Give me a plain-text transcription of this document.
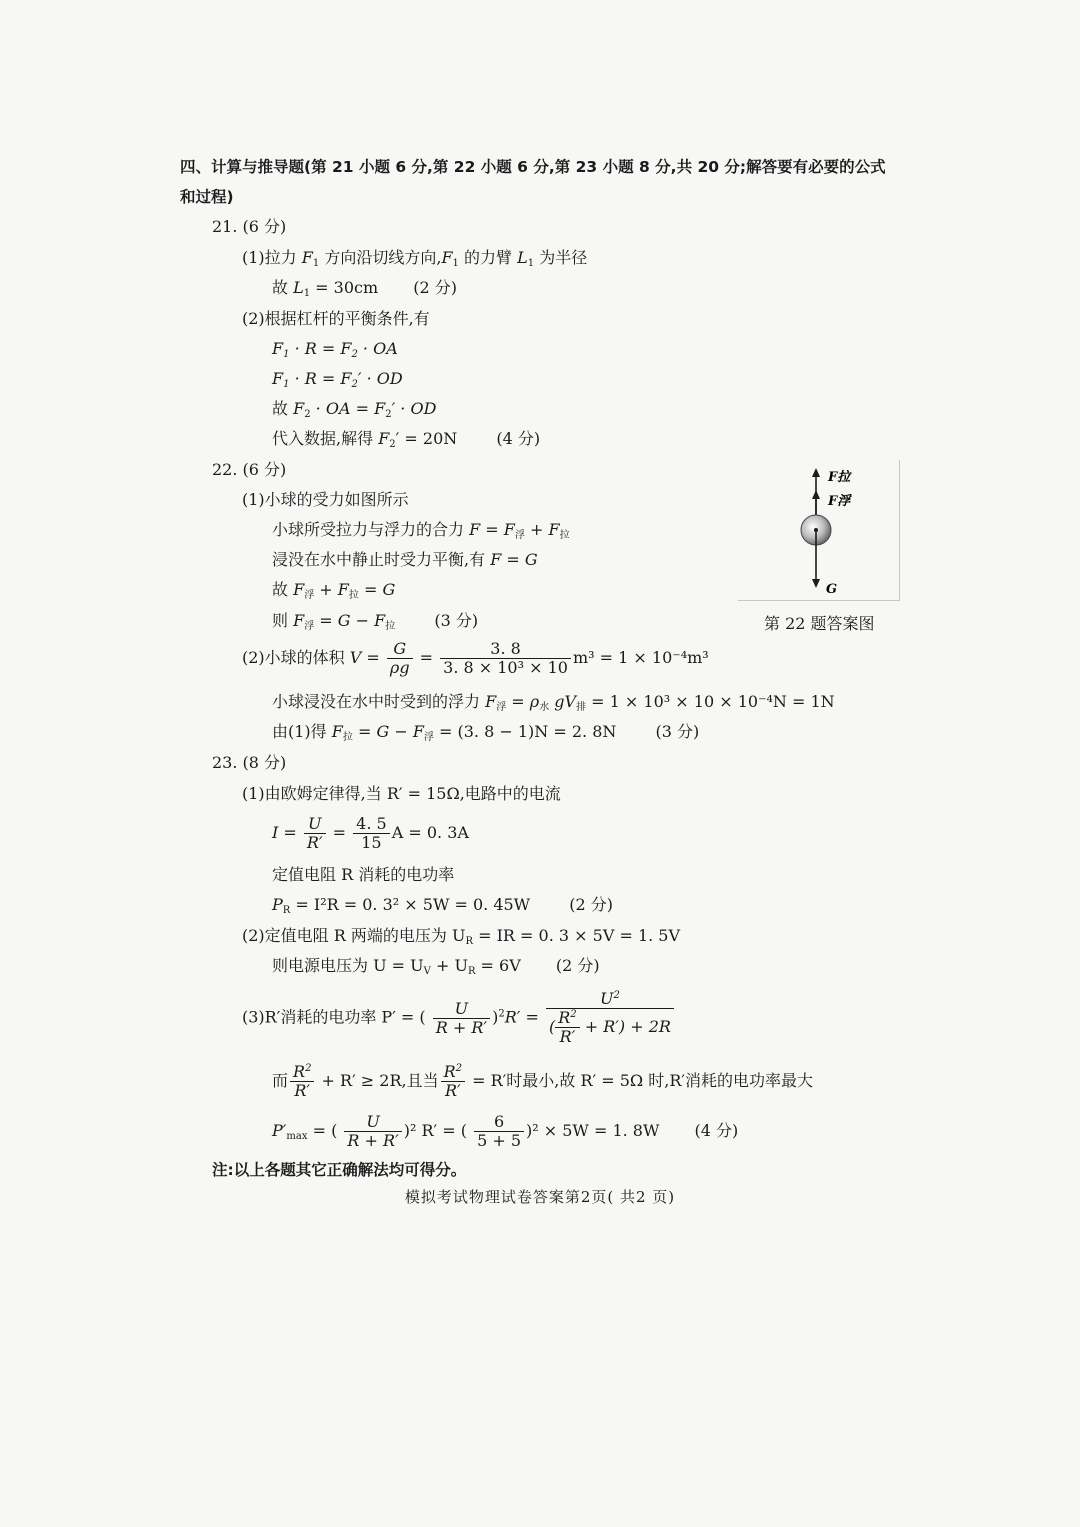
四、计算与推导题(第 21 小题 6 分,第 22 小题 6 分,第 23 小题 8 分,共 20 分;解答要有必要的公式
和过程)
21. (6 分)
(1)拉力 $F_1$ 方向沿切线方向$,F_1$ 的力臂 $L_1$ 为半径
故 $L_1 = 30cm$ (2 分)
(2)根据杠杆的平衡条件,有
$F_1 \cdot R = F_2$ · OA
$F_1 \cdot R = F_2'$ · OD
故 $F_2$ · OA = $F_2'$ · OD
代入数据,解得 $F_2' = 20N$ (4 分)
22. (6 分)
(1)小球的受力如图所示
小球所受拉力与浮力的合力 $F = F_浮 + F_拉$
浸没在水中静止时受力平衡,有 F = G
故 $F_浮 + F_拉 = G$
则 $F_浮 = G - F_拉$ (3 分)
(2)小球的体积 $V = \frac{G}{\rho g} = \frac{3. 8}{\text{3. 8 × 10³ × 10}} m^3 = 1 \times 10^{-4}m^3$
小球浸没在水中时受到的浮力 $F_浮 = \rho_水$ $gV_排 = 1 \times 10^3 \times 10 \times 10^{-4}N = 1N$
由(1)得 $F_拉 = G - F_浮 = (3$. 8 − 1)N = 2. 8N (3 分)
F拉
F浮
G
第 22 题答案图
23. (8 分)
(1)由欧姆定律得,当 R′ = 15Ω,电路中的电流
$I = \frac{U}{R'} = \frac{4. 5}{15}$ A = 0. 3A
定值电阻 R 消耗的电功率
$P_R = I^2R = 0$. 3² × 5W = 0. 45W (2 分)
(2)定值电阻 R 两端的电压为 $U_R$ = IR = 0. 3 × 5V = 1. 5V
则电源电压为 $U = U_V + U_R = 6V$ (2 分)
(3)R′消耗的电功率 P′ = ( $\frac{U}{R + R'} )^2R' = \frac{U^2}{( \frac{R^2}{R'} + R') + 2R}$
而 $\frac{R^2}{R'} + R' \ge 2R$,且当 $\frac{R^2}{R'} = R'$时最小,故 R′ = 5Ω 时,R′消耗的电功率最大
$P'_{max}$ = ( $\frac{U}{R + R'} )^2$ R′ = ( $\frac{6}{5 + 5} )^2 \times 5W = 1$. 8W (4 分)
注:以上各题其它正确解法均可得分。
模拟考试物理试卷答案第2页( 共2 页)
